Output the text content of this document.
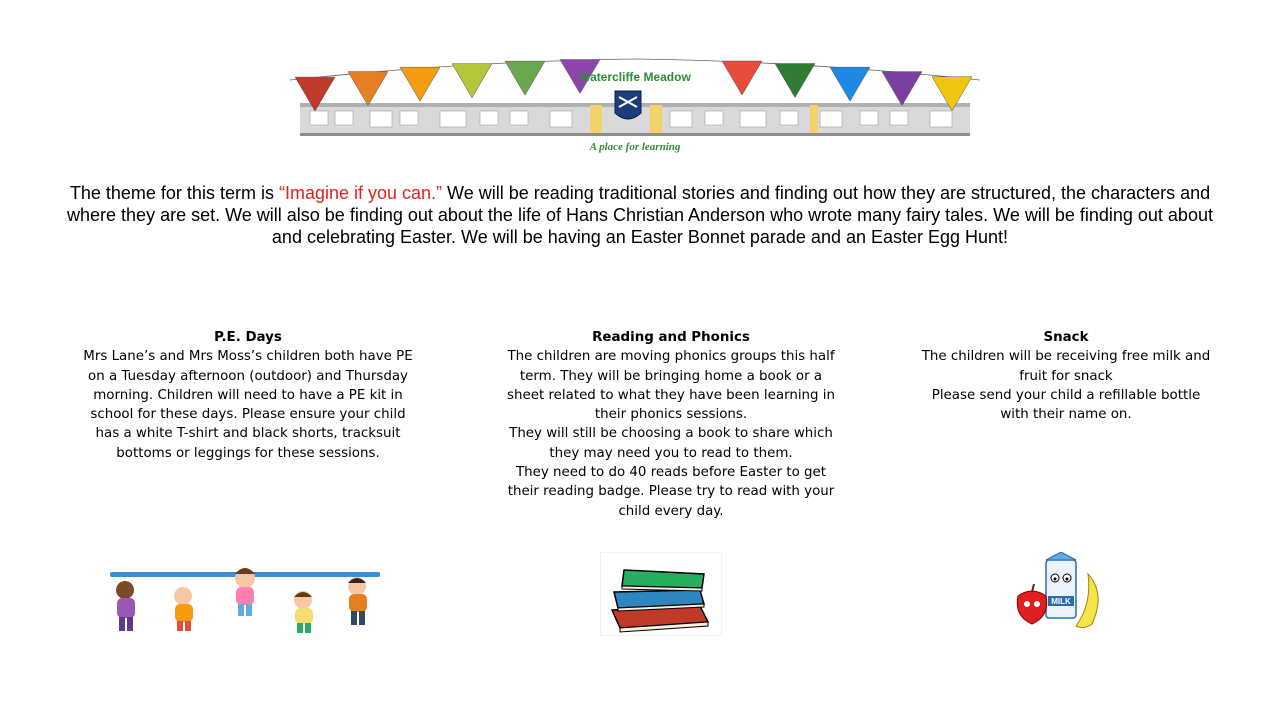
Watercliffe Meadow
A place for learning
The theme for this term is “Imagine if you can.” We will be reading traditional stories and finding out how they are structured, the characters and where they are set. We will also be finding out about the life of Hans Christian Anderson who wrote many fairy tales. We will be finding out about and celebrating Easter. We will be having an Easter Bonnet parade and an Easter Egg Hunt!
P.E. Days

Mrs Lane’s and Mrs Moss’s children both have PE
on a Tuesday afternoon (outdoor) and Thursday
morning. Children will need to have a PE kit in
school for these days. Please ensure your child
has a white T-shirt and black shorts, tracksuit
bottoms or leggings for these sessions.

Reading and Phonics

The children are moving phonics groups this half
term. They will be bringing home a book or a
sheet related to what they have been learning in
their phonics sessions.
They will still be choosing a book to share which
they may need you to read to them.
They need to do 40 reads before Easter to get
their reading badge. Please try to read with your
child every day.

Snack

The children will be receiving free milk and
fruit for snack
Please send your child a refillable bottle
with their name on.

MILK
